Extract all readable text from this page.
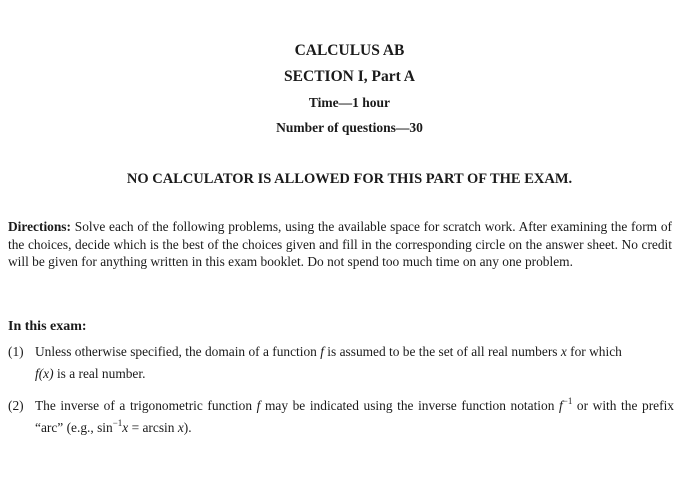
CALCULUS AB
SECTION I, Part A
Time—1 hour
Number of questions—30
NO CALCULATOR IS ALLOWED FOR THIS PART OF THE EXAM.
Directions: Solve each of the following problems, using the available space for scratch work. After examining the form of the choices, decide which is the best of the choices given and fill in the corresponding circle on the answer sheet. No credit will be given for anything written in this exam booklet. Do not spend too much time on any one problem.
In this exam:
(1) Unless otherwise specified, the domain of a function f is assumed to be the set of all real numbers x for which
f(x) is a real number.
(2) The inverse of a trigonometric function f may be indicated using the inverse function notation $f^{-1}$ or with the prefix “arc” (e.g., $\sin^{-1}x = \arcsin x$).
